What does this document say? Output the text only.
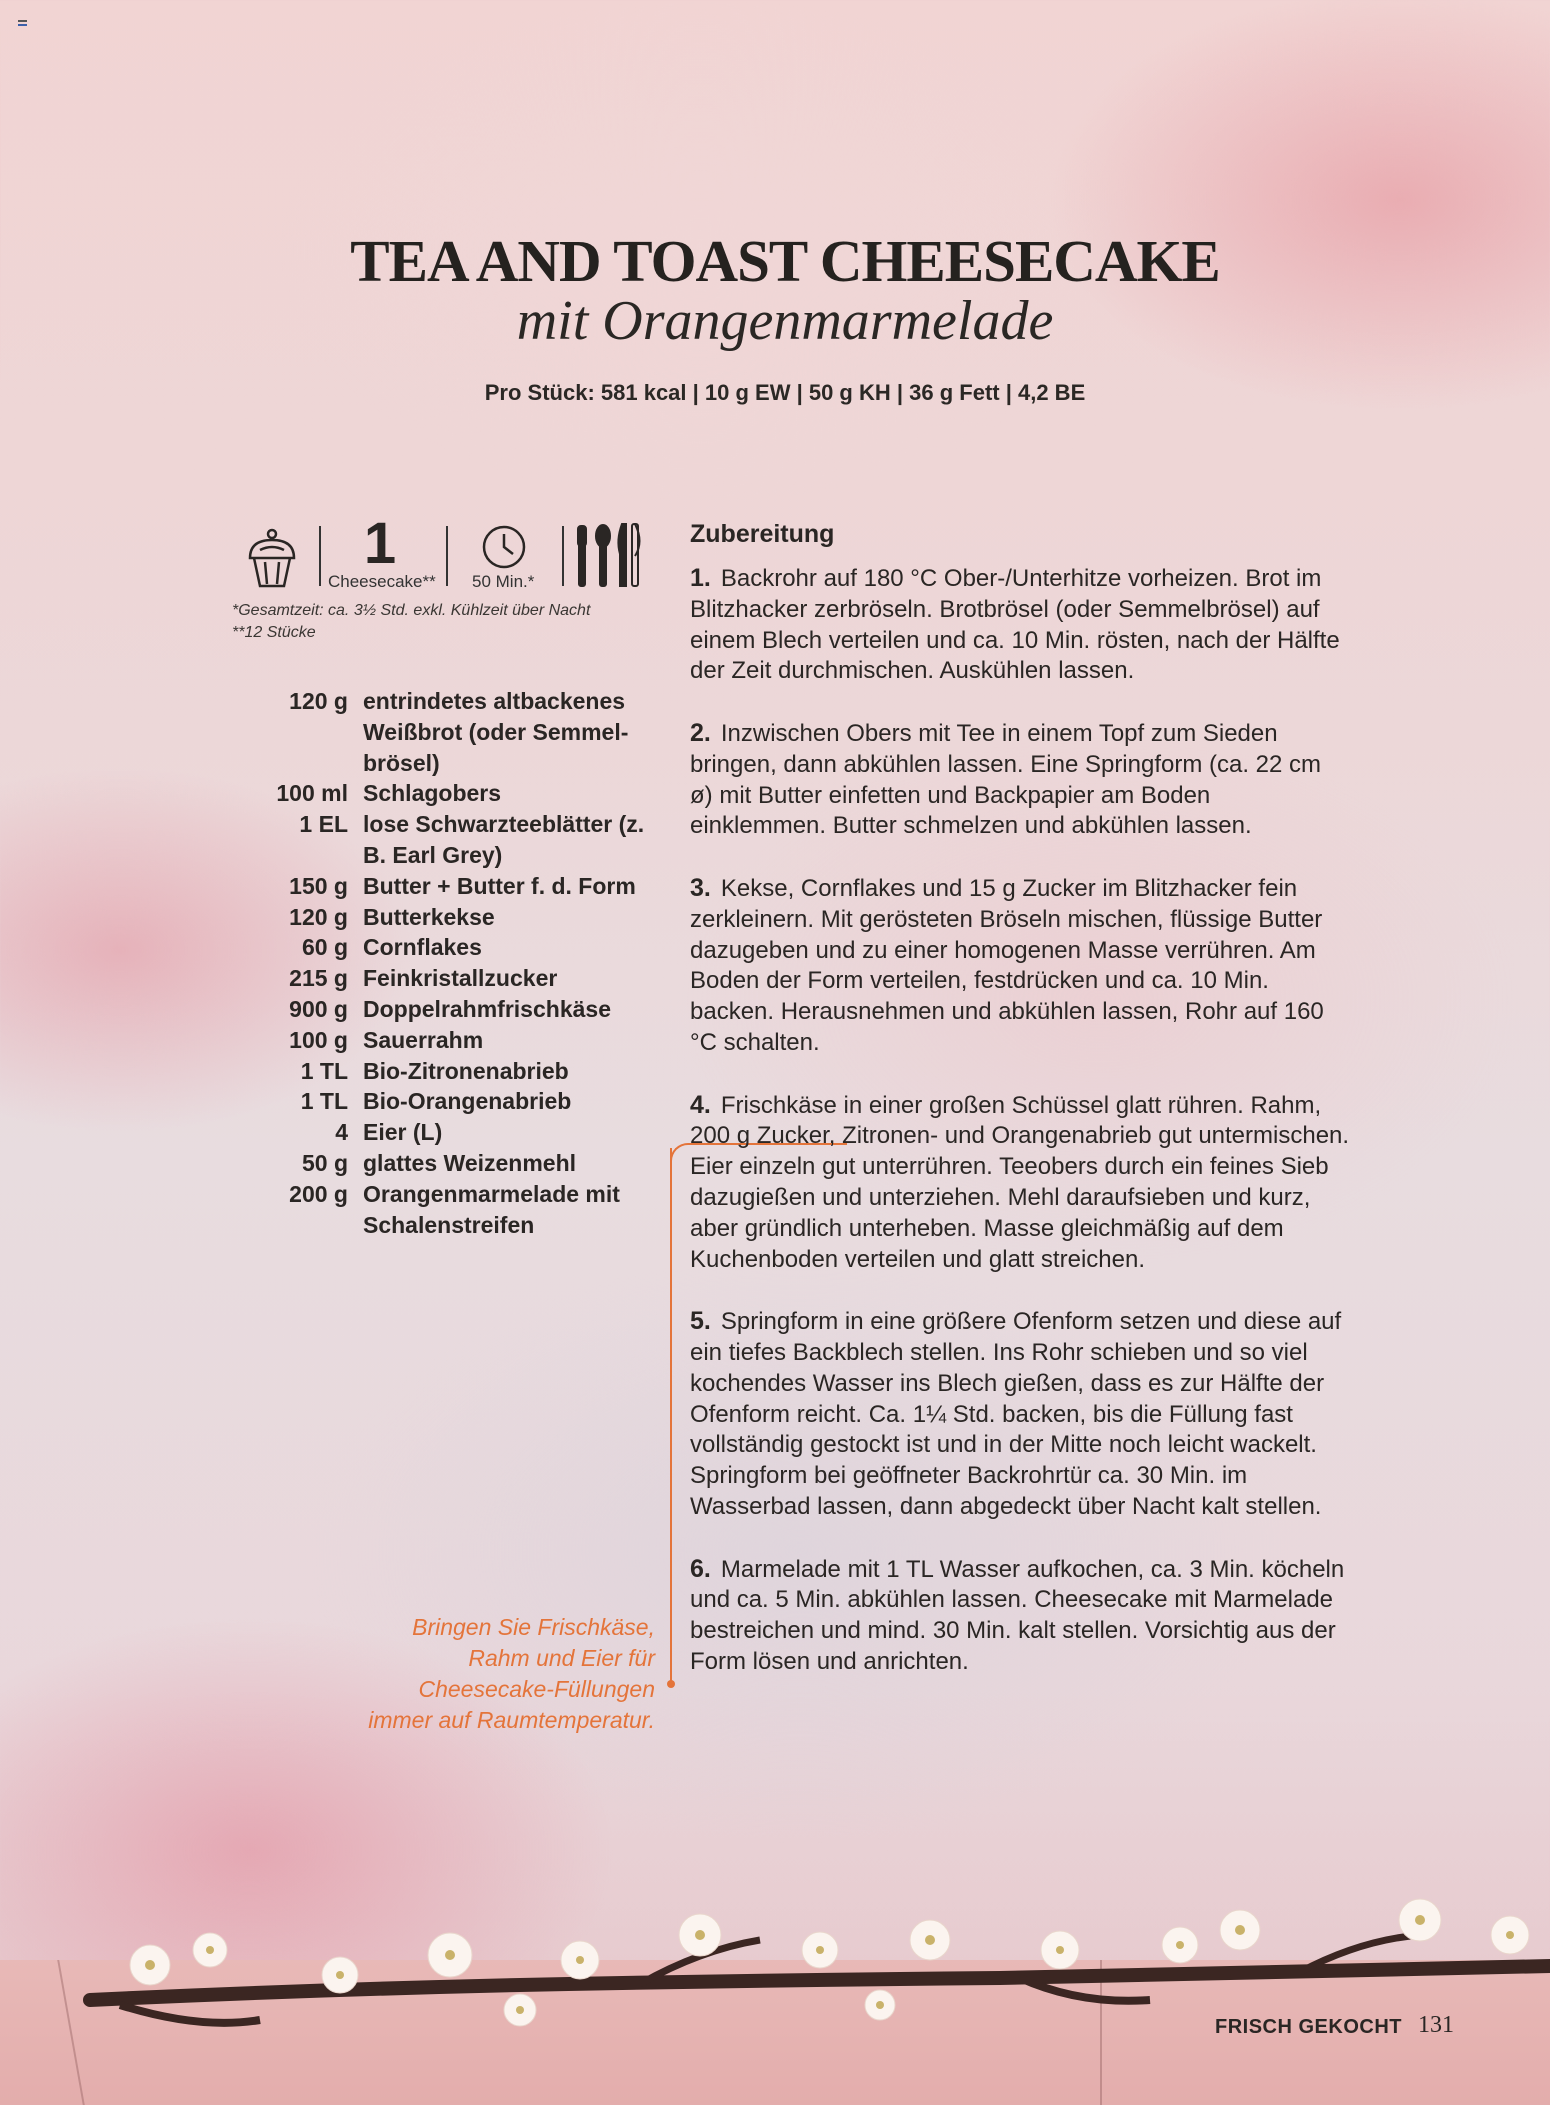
TEA AND TOAST CHEESECAKE
mit Orangenmarmelade
Pro Stück: 581 kcal | 10 g EW | 50 g KH | 36 g Fett | 4,2 BE
1
Cheesecake** 50 Min.*
*Gesamtzeit: ca. 3½ Std. exkl. Kühlzeit über Nacht
**12 Stücke
120 g entrindetes altbackenes Weißbrot (oder Semmel-brösel)
100 ml Schlagobers
1 EL lose Schwarzteeblätter (z. B. Earl Grey)
150 g Butter + Butter f. d. Form
120 g Butterkekse
60 g Cornflakes
215 g Feinkristallzucker
900 g Doppelrahmfrischkäse
100 g Sauerrahm
1 TL Bio-Zitronenabrieb
1 TL Bio-Orangenabrieb
4 Eier (L)
50 g glattes Weizenmehl
200 g Orangenmarmelade mit Schalenstreifen
Bringen Sie Frischkäse, Rahm und Eier für Cheesecake-Füllungen immer auf Raumtemperatur.
Zubereitung
1. Backrohr auf 180 °C Ober-/Unterhitze vorheizen. Brot im Blitzhacker zerbröseln. Brotbrösel (oder Semmelbrösel) auf einem Blech verteilen und ca. 10 Min. rösten, nach der Hälfte der Zeit durchmischen. Auskühlen lassen.
2. Inzwischen Obers mit Tee in einem Topf zum Sieden bringen, dann abkühlen lassen. Eine Springform (ca. 22 cm ø) mit Butter einfetten und Backpapier am Boden einklemmen. Butter schmelzen und abkühlen lassen.
3. Kekse, Cornflakes und 15 g Zucker im Blitzhacker fein zerkleinern. Mit gerösteten Bröseln mischen, flüssige Butter dazugeben und zu einer homogenen Masse verrühren. Am Boden der Form verteilen, festdrücken und ca. 10 Min. backen. Herausnehmen und abkühlen lassen, Rohr auf 160 °C schalten.
4. Frischkäse in einer großen Schüssel glatt rühren. Rahm, 200 g Zucker, Zitronen- und Orangenabrieb gut untermischen. Eier einzeln gut unterrühren. Teeobers durch ein feines Sieb dazugießen und unterziehen. Mehl daraufsieben und kurz, aber gründlich unterheben. Masse gleichmäßig auf dem Kuchenboden verteilen und glatt streichen.
5. Springform in eine größere Ofenform setzen und diese auf ein tiefes Backblech stellen. Ins Rohr schieben und so viel kochendes Wasser ins Blech gießen, dass es zur Hälfte der Ofenform reicht. Ca. 1¼ Std. backen, bis die Füllung fast vollständig gestockt ist und in der Mitte noch leicht wackelt. Springform bei geöffneter Backrohrtür ca. 30 Min. im Wasserbad lassen, dann abgedeckt über Nacht kalt stellen.
6. Marmelade mit 1 TL Wasser aufkochen, ca. 3 Min. köcheln und ca. 5 Min. abkühlen lassen. Cheesecake mit Marmelade bestreichen und mind. 30 Min. kalt stellen. Vorsichtig aus der Form lösen und anrichten.
FRISCH GEKOCHT 131
